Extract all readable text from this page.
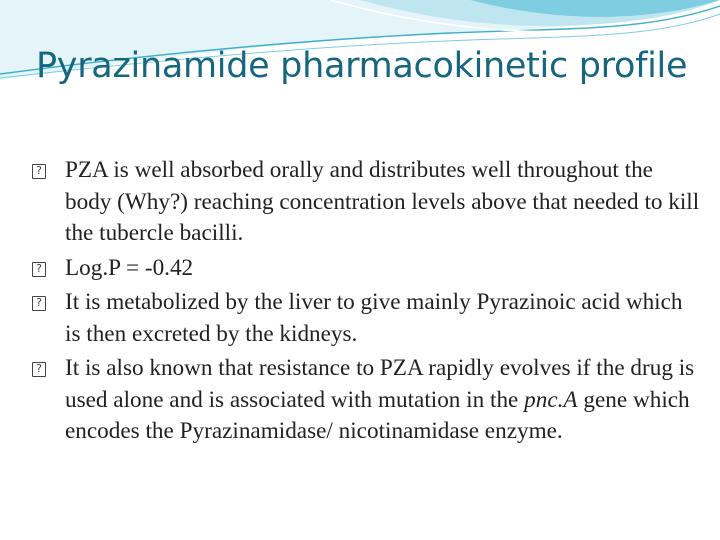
Pyrazinamide pharmacokinetic profile
? PZA is well absorbed orally and distributes well throughout the body (Why?) reaching concentration levels above that needed to kill the tubercle bacilli.
? Log.P = -0.42
? It is metabolized by the liver to give mainly Pyrazinoic acid which is then excreted by the kidneys.
? It is also known that resistance to PZA rapidly evolves if the drug is used alone and is associated with mutation in the pnc.A gene which encodes the Pyrazinamidase/ nicotinamidase enzyme.
